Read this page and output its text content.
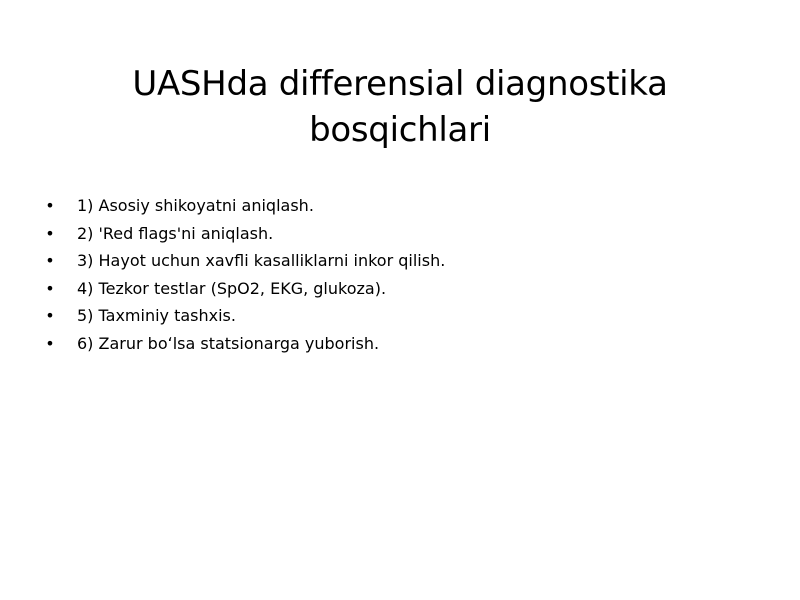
UASHda differensial diagnostika
bosqichlari
• 1) Asosiy shikoyatni aniqlash.
• 2) 'Red flags'ni aniqlash.
• 3) Hayot uchun xavfli kasalliklarni inkor qilish.
• 4) Tezkor testlar (SpO2, EKG, glukoza).
• 5) Taxminiy tashxis.
• 6) Zarur boʻlsa statsionarga yuborish.
